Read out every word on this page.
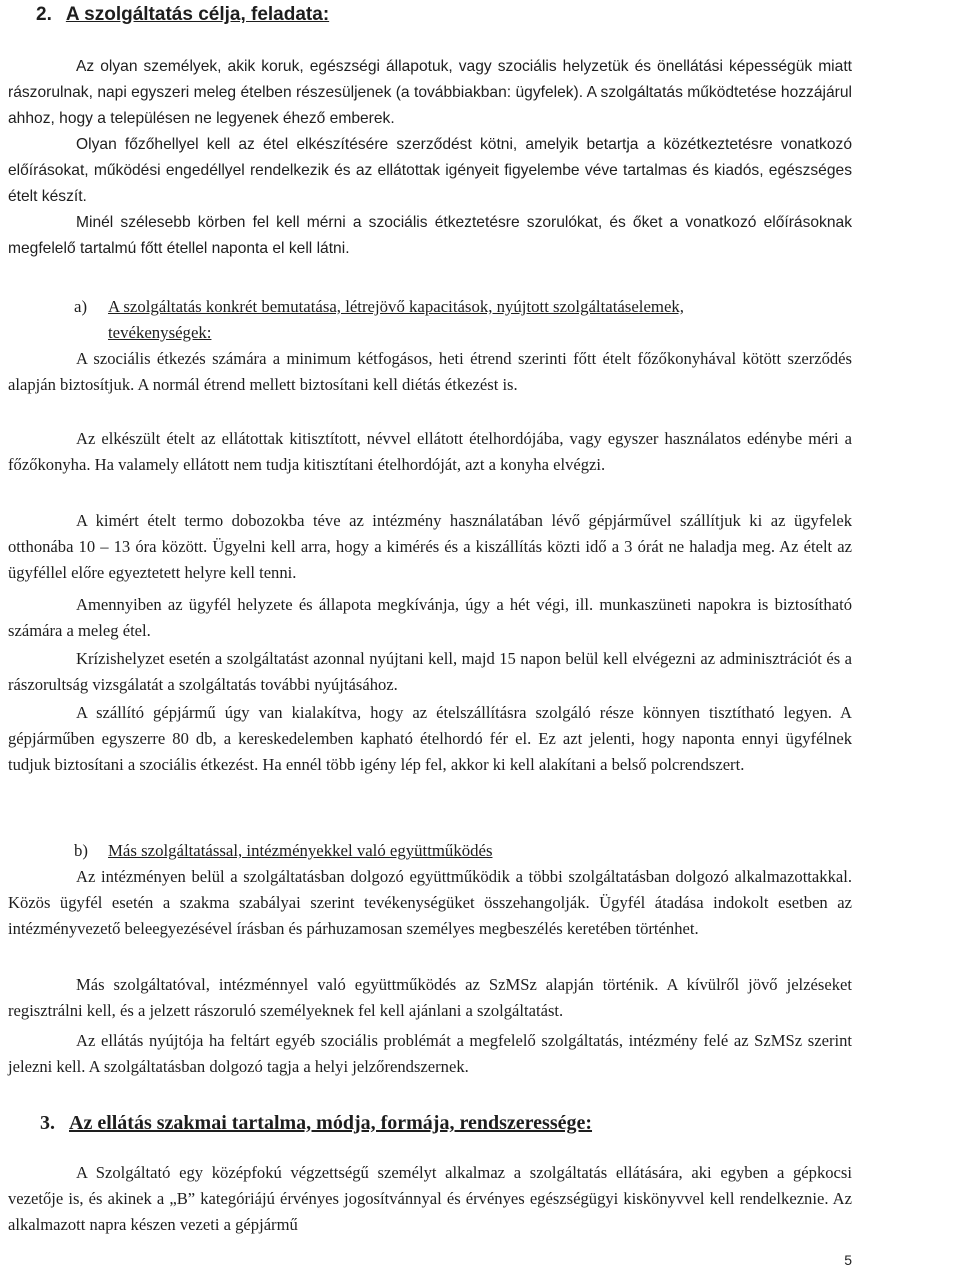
2. A szolgáltatás célja, feladata:

Az olyan személyek, akik koruk, egészségi állapotuk, vagy szociális helyzetük és önellátási képességük miatt rászorulnak, napi egyszeri meleg ételben részesüljenek (a továbbiakban: ügyfelek). A szolgáltatás működtetése hozzájárul ahhoz, hogy a településen ne legyenek éhező emberek.

Olyan főzőhellyel kell az étel elkészítésére szerződést kötni, amelyik betartja a közétkeztetésre vonatkozó előírásokat, működési engedéllyel rendelkezik és az ellátottak igényeit figyelembe véve tartalmas és kiadós, egészséges ételt készít.

Minél szélesebb körben fel kell mérni a szociális étkeztetésre szorulókat, és őket a vonatkozó előírásoknak megfelelő tartalmú főtt étellel naponta el kell látni.

a) A szolgáltatás konkrét bemutatása, létrejövő kapacitások, nyújtott szolgáltatáselemek,
tevékenységek:

A szociális étkezés számára a minimum kétfogásos, heti étrend szerinti főtt ételt főzőkonyhával kötött szerződés alapján biztosítjuk. A normál étrend mellett biztosítani kell diétás étkezést is.

Az elkészült ételt az ellátottak kitisztított, névvel ellátott ételhordójába, vagy egyszer használatos edénybe méri a főzőkonyha. Ha valamely ellátott nem tudja kitisztítani ételhordóját, azt a konyha elvégzi.

A kimért ételt termo dobozokba téve az intézmény használatában lévő gépjárművel szállítjuk ki az ügyfelek otthonába 10 – 13 óra között. Ügyelni kell arra, hogy a kimérés és a kiszállítás közti idő a 3 órát ne haladja meg. Az ételt az ügyféllel előre egyeztetett helyre kell tenni.

Amennyiben az ügyfél helyzete és állapota megkívánja, úgy a hét végi, ill. munkaszüneti napokra is biztosítható számára a meleg étel.

Krízishelyzet esetén a szolgáltatást azonnal nyújtani kell, majd 15 napon belül kell elvégezni az adminisztrációt és a rászorultság vizsgálatát a szolgáltatás további nyújtásához.

A szállító gépjármű úgy van kialakítva, hogy az ételszállításra szolgáló része könnyen tisztítható legyen. A gépjárműben egyszerre 80 db, a kereskedelemben kapható ételhordó fér el. Ez azt jelenti, hogy naponta ennyi ügyfélnek tudjuk biztosítani a szociális étkezést. Ha ennél több igény lép fel, akkor ki kell alakítani a belső polcrendszert.

b) Más szolgáltatással, intézményekkel való együttműködés

Az intézményen belül a szolgáltatásban dolgozó együttműködik a többi szolgáltatásban dolgozó alkalmazottakkal. Közös ügyfél esetén a szakma szabályai szerint tevékenységüket összehangolják. Ügyfél átadása indokolt esetben az intézményvezető beleegyezésével írásban és párhuzamosan személyes megbeszélés keretében történhet.

Más szolgáltatóval, intézménnyel való együttműködés az SzMSz alapján történik. A kívülről jövő jelzéseket regisztrálni kell, és a jelzett rászoruló személyeknek fel kell ajánlani a szolgáltatást.

Az ellátás nyújtója ha feltárt egyéb szociális problémát a megfelelő szolgáltatás, intézmény felé az SzMSz szerint jelezni kell. A szolgáltatásban dolgozó tagja a helyi jelzőrendszernek.

3. Az ellátás szakmai tartalma, módja, formája, rendszeressége:

A Szolgáltató egy középfokú végzettségű személyt alkalmaz a szolgáltatás ellátására, aki egyben a gépkocsi vezetője is, és akinek a „B” kategóriájú érvényes jogosítvánnyal és érvényes egészségügyi kiskönyvvel kell rendelkeznie. Az alkalmazott napra készen vezeti a gépjármű

5
